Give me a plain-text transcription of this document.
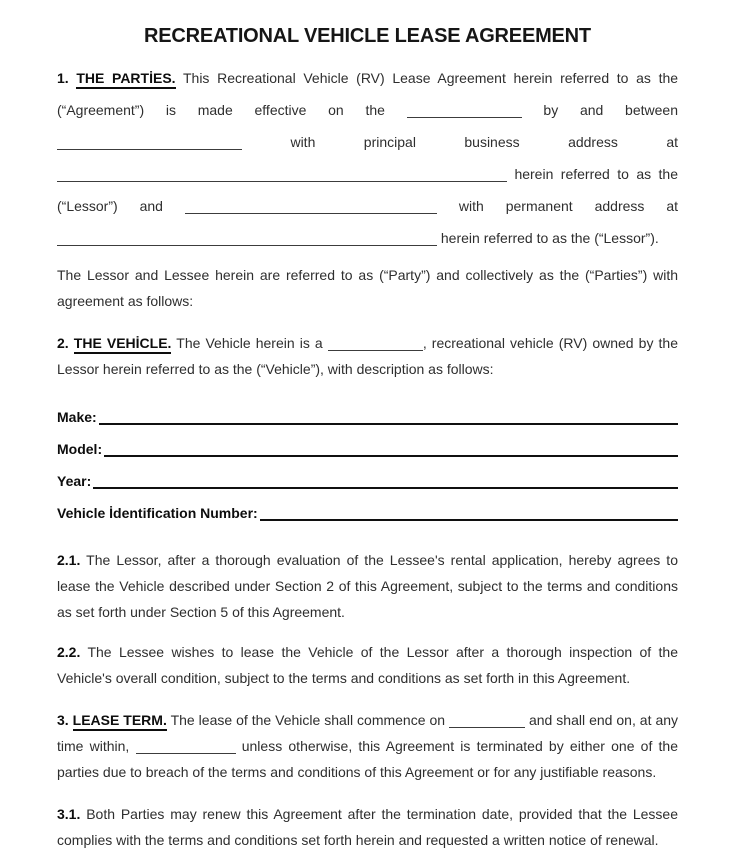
RECREATIONAL VEHICLE LEASE AGREEMENT

1. THE PARTİES. This Recreational Vehicle (RV) Lease Agreement herein referred to as the (“Agreement”) is made effective on the	by and between  with principal business address at  herein referred to as the (“Lessor”) and	with permanent address at  herein referred to as the (“Lessor”).

The Lessor and Lessee herein are referred to as (“Party”) and collectively as the (“Parties”) with agreement as follows:

2. THE VEHİCLE. The Vehicle herein is a	, recreational vehicle (RV) owned by the Lessor herein referred to as the (“Vehicle”), with description as follows:

Make:
Model:
Year:
Vehicle İdentification Number:

2.1. The Lessor, after a thorough evaluation of the Lessee's rental application, hereby agrees to lease the Vehicle described under Section 2 of this Agreement, subject to the terms and conditions as set forth under Section 5 of this Agreement.

2.2. The Lessee wishes to lease the Vehicle of the Lessor after a thorough inspection of the Vehicle's overall condition, subject to the terms and conditions as set forth in this Agreement.

3. LEASE TERM. The lease of the Vehicle shall commence on	and shall end on, at any time within,	unless otherwise, this Agreement is terminated by either one of the parties due to breach of the terms and conditions of this Agreement or for any justifiable reasons.

3.1. Both Parties may renew this Agreement after the termination date, provided that the Lessee complies with the terms and conditions set forth herein and requested a written notice of renewal.
